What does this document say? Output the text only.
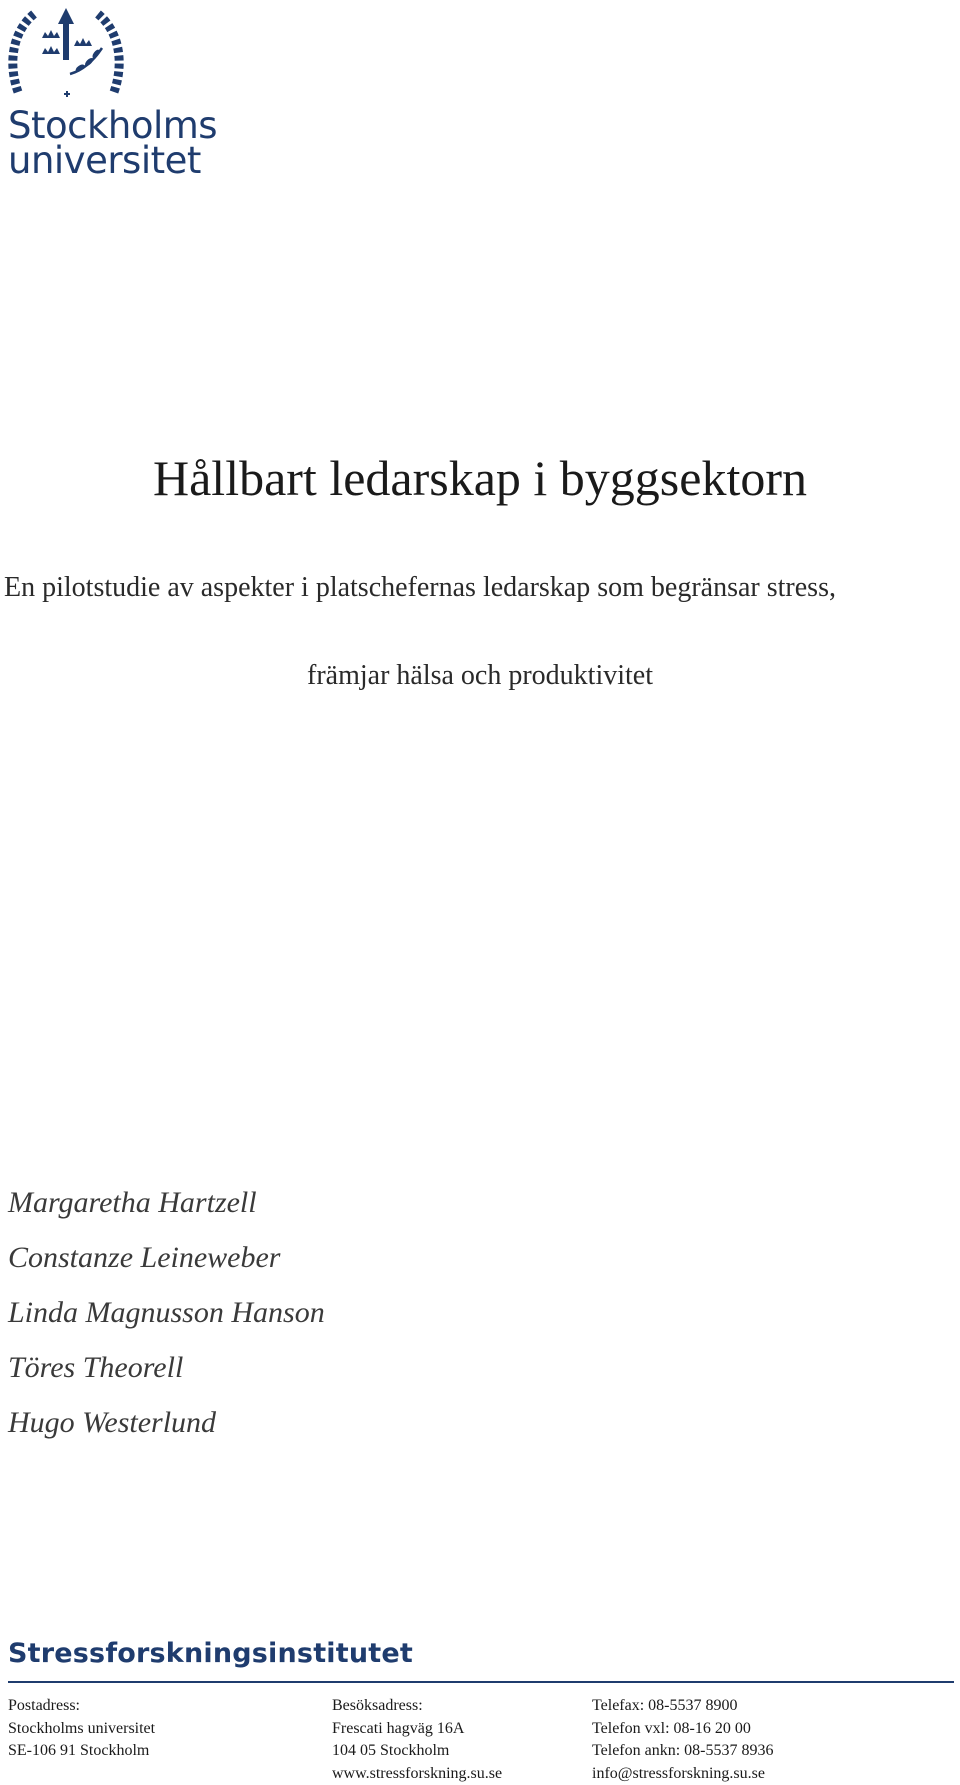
Stockholms
universitet
Hållbart ledarskap i byggsektorn
En pilotstudie av aspekter i platschefernas ledarskap som begränsar stress,
främjar hälsa och produktivitet
Margaretha Hartzell
Constanze Leineweber
Linda Magnusson Hanson
Töres Theorell
Hugo Westerlund
Stressforskningsinstitutet
Postadress:
Stockholms universitet
SE-106 91 Stockholm
Besöksadress:
Frescati hagväg 16A
104 05 Stockholm
www.stressforskning.su.se
Telefax: 08-5537 8900
Telefon vxl: 08-16 20 00
Telefon ankn: 08-5537 8936
info@stressforskning.su.se
